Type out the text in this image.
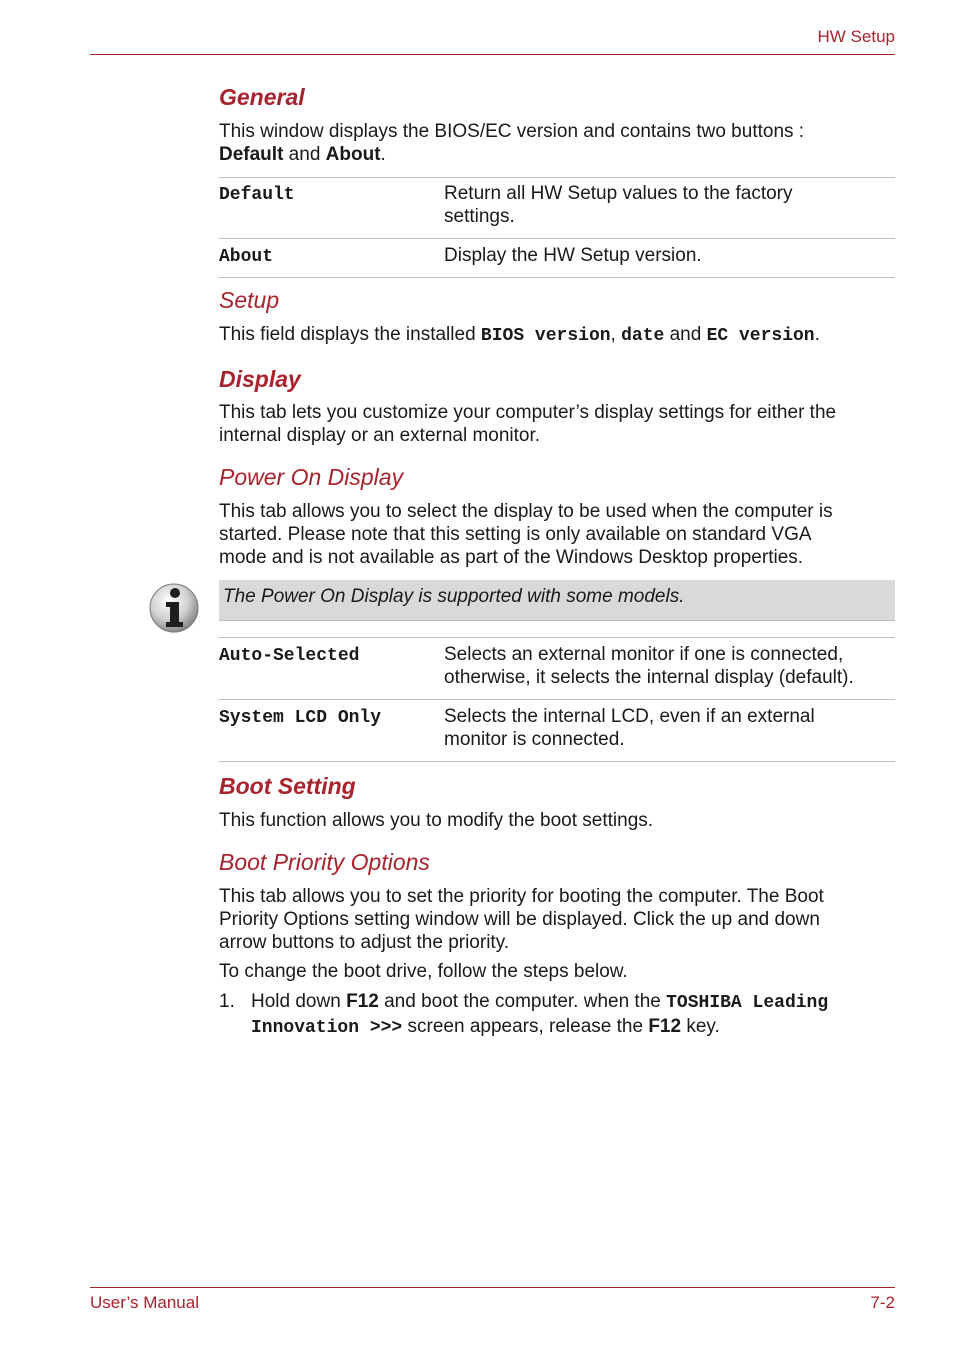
HW Setup
General
This window displays the BIOS/EC version and contains two buttons :
Default and About.
Default	Return all HW Setup values to the factory
settings.
About	Display the HW Setup version.
Setup
This field displays the installed BIOS version, date and EC version.
Display
This tab lets you customize your computer’s display settings for either the
internal display or an external monitor.
Power On Display
This tab allows you to select the display to be used when the computer is
started. Please note that this setting is only available on standard VGA
mode and is not available as part of the Windows Desktop properties.
The Power On Display is supported with some models.
Auto-Selected	Selects an external monitor if one is connected,
otherwise, it selects the internal display (default).
System LCD Only	Selects the internal LCD, even if an external
monitor is connected.
Boot Setting
This function allows you to modify the boot settings.
Boot Priority Options
This tab allows you to set the priority for booting the computer. The Boot
Priority Options setting window will be displayed. Click the up and down
arrow buttons to adjust the priority.
To change the boot drive, follow the steps below.
1. Hold down F12 and boot the computer. when the TOSHIBA Leading
Innovation >>> screen appears, release the F12 key.
User’s Manual	7-2
